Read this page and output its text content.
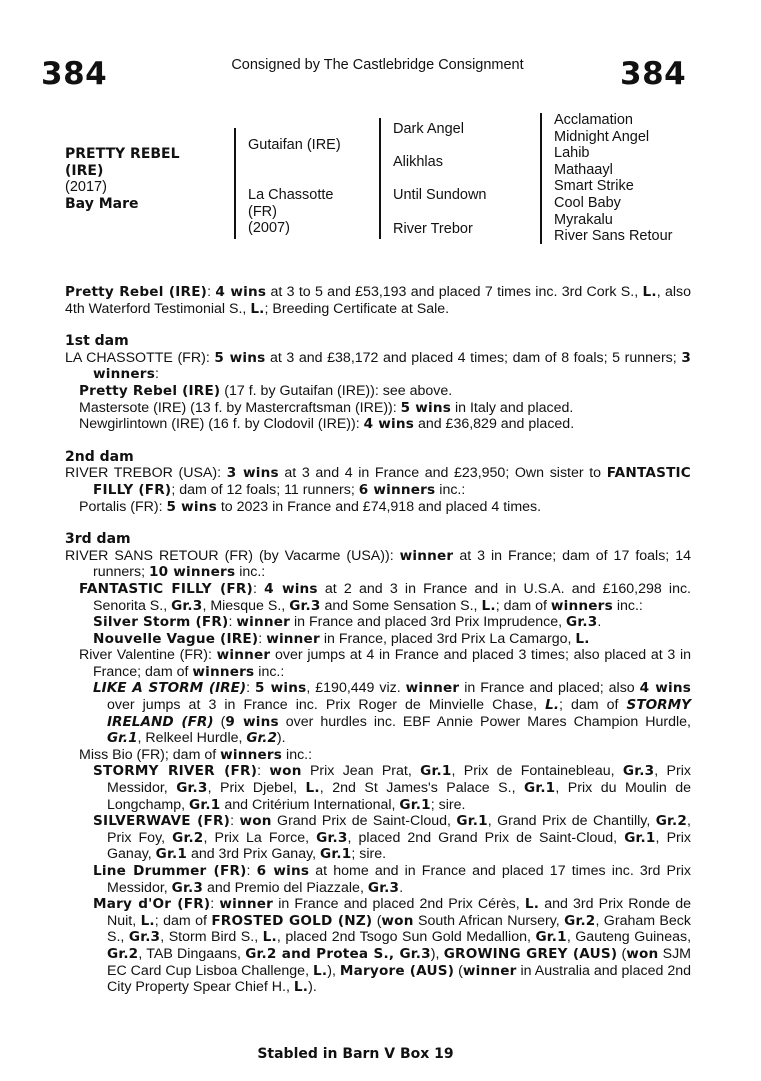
384	Consigned by The Castlebridge Consignment	384
PRETTY REBEL
(IRE)
(2017)
Bay Mare
Gutaifan (IRE)
La Chassotte
(FR)
(2007)
Dark Angel
Alikhlas
Until Sundown
River Trebor
Acclamation
Midnight Angel
Lahib
Mathaayl
Smart Strike
Cool Baby
Myrakalu
River Sans Retour

Pretty Rebel (IRE): 4 wins at 3 to 5 and £53,193 and placed 7 times inc. 3rd Cork S., L., also 4th Waterford Testimonial S., L.; Breeding Certificate at Sale.

1st dam

LA CHASSOTTE (FR): 5 wins at 3 and £38,172 and placed 4 times; dam of 8 foals; 5 runners; 3 winners:

Pretty Rebel (IRE) (17 f. by Gutaifan (IRE)): see above.

Mastersote (IRE) (13 f. by Mastercraftsman (IRE)): 5 wins in Italy and placed.

Newgirlintown (IRE) (16 f. by Clodovil (IRE)): 4 wins and £36,829 and placed.

2nd dam

RIVER TREBOR (USA): 3 wins at 3 and 4 in France and £23,950; Own sister to FANTASTIC FILLY (FR); dam of 12 foals; 11 runners; 6 winners inc.:

Portalis (FR): 5 wins to 2023 in France and £74,918 and placed 4 times.

3rd dam

RIVER SANS RETOUR (FR) (by Vacarme (USA)): winner at 3 in France; dam of 17 foals; 14 runners; 10 winners inc.:

FANTASTIC FILLY (FR): 4 wins at 2 and 3 in France and in U.S.A. and £160,298 inc. Senorita S., Gr.3, Miesque S., Gr.3 and Some Sensation S., L.; dam of winners inc.:

Silver Storm (FR): winner in France and placed 3rd Prix Imprudence, Gr.3.

Nouvelle Vague (IRE): winner in France, placed 3rd Prix La Camargo, L.

River Valentine (FR): winner over jumps at 4 in France and placed 3 times; also placed at 3 in France; dam of winners inc.:

LIKE A STORM (IRE): 5 wins, £190,449 viz. winner in France and placed; also 4 wins over jumps at 3 in France inc. Prix Roger de Minvielle Chase, L.; dam of STORMY IRELAND (FR) (9 wins over hurdles inc. EBF Annie Power Mares Champion Hurdle, Gr.1, Relkeel Hurdle, Gr.2).

Miss Bio (FR); dam of winners inc.:

STORMY RIVER (FR): won Prix Jean Prat, Gr.1, Prix de Fontainebleau, Gr.3, Prix Messidor, Gr.3, Prix Djebel, L., 2nd St James's Palace S., Gr.1, Prix du Moulin de Longchamp, Gr.1 and Critérium International, Gr.1; sire.

SILVERWAVE (FR): won Grand Prix de Saint-Cloud, Gr.1, Grand Prix de Chantilly, Gr.2, Prix Foy, Gr.2, Prix La Force, Gr.3, placed 2nd Grand Prix de Saint-Cloud, Gr.1, Prix Ganay, Gr.1 and 3rd Prix Ganay, Gr.1; sire.

Line Drummer (FR): 6 wins at home and in France and placed 17 times inc. 3rd Prix Messidor, Gr.3 and Premio del Piazzale, Gr.3.

Mary d'Or (FR): winner in France and placed 2nd Prix Cérès, L. and 3rd Prix Ronde de Nuit, L.; dam of FROSTED GOLD (NZ) (won South African Nursery, Gr.2, Graham Beck S., Gr.3, Storm Bird S., L., placed 2nd Tsogo Sun Gold Medallion, Gr.1, Gauteng Guineas, Gr.2, TAB Dingaans, Gr.2 and Protea S., Gr.3), GROWING GREY (AUS) (won SJM EC Card Cup Lisboa Challenge, L.), Maryore (AUS) (winner in Australia and placed 2nd City Property Spear Chief H., L.).

Stabled in Barn V Box 19
